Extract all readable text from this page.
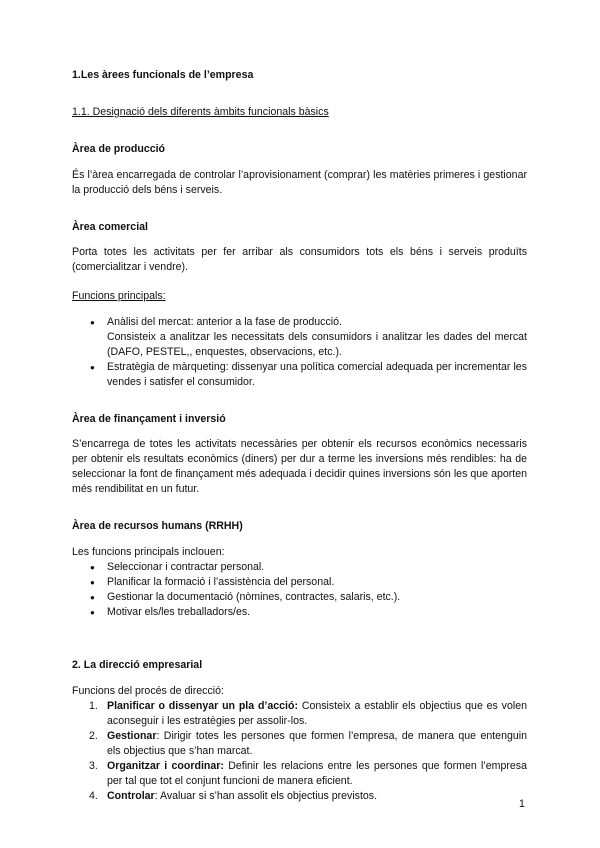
1.Les àrees funcionals de l’empresa

1.1. Designació dels diferents àmbits funcionals bàsics

Àrea de producció

És l’àrea encarregada de controlar l’aprovisionament (comprar) les matèries primeres i gestionar la producció dels béns i serveis.

Àrea comercial

Porta totes les activitats per fer arribar als consumidors tots els béns i serveis produïts (comercialitzar i vendre).

Funcions principals:

● Anàlisi del mercat: anterior a la fase de producció.
Consisteix a analitzar les necessitats dels consumidors i analitzar les dades del mercat (DAFO, PESTEL,, enquestes, observacions, etc.).
● Estratègia de màrqueting: dissenyar una política comercial adequada per incrementar les vendes i satisfer el consumidor.

Àrea de finançament i inversió

S’encarrega de totes les activitats necessàries per obtenir els recursos econòmics necessaris per obtenir els resultats econòmics (diners) per dur a terme les inversions més rendibles: ha de seleccionar la font de finançament més adequada i decidir quines inversions són les que aporten més rendibilitat en un futur.

Àrea de recursos humans (RRHH)

Les funcions principals inclouen:

● Seleccionar i contractar personal.
● Planificar la formació i l’assistència del personal.
● Gestionar la documentació (nòmines, contractes, salaris, etc.).
● Motivar els/les treballadors/es.

2. La direcció empresarial

Funcions del procés de direcció:

1. Planificar o dissenyar un pla d’acció: Consisteix a establir els objectius que es volen aconseguir i les estratègies per assolir-los.
2. Gestionar: Dirigir totes les persones que formen l’empresa, de manera que entenguin els objectius que s’han marcat.
3. Organitzar i coordinar: Definir les relacions entre les persones que formen l’empresa per tal que tot el conjunt funcioni de manera eficient.
4. Controlar: Avaluar si s’han assolit els objectius previstos.
1
